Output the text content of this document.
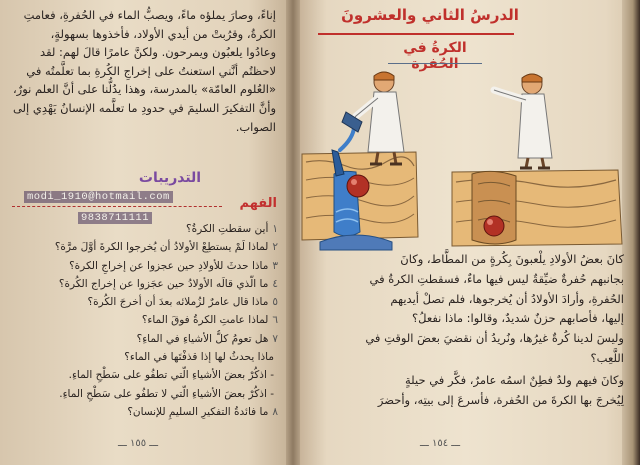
إناءً، وصارَ يملؤه ماءً، ويصبُّ الماء في الحُفرةِ، فعامتِ

الكرةُ، وقرُبتْ من أيدي الأولاد، فأخذوها بسهولةٍ،

وعادُوا يلعبُون ويمرحون. ولكنَّ عامرًا قالَ لهم: لقد

لاحظتُم أنَّني استعنتُ على إخراجِ الكُرةِ بما تعلَّمتُه في

«العُلوم العامّة» بالمدرسة، وهذا يدُلُّنا على أنَّ العلم نورٌ،

وأنَّ التفكيرَ السليمَ في حدودِ ما تعلَّمه الإنسانُ يَهْدِي إلى

الصواب.

التدريبات
modi_1910@hotmail.com
9838711111
الفهم
١أين سقطتِ الكرةُ؟
٢لماذا لَمْ يستطِعْ الأولادُ أن يُخرجوا الكرةَ أوَّلَ مرَّة؟
٣ماذا حدثَ للأولادِ حين عجزوا عن إخراجِ الكرة؟
٤ما الّذي قالَه الأولادُ حين عجَزوا عن إخراج الكُرة؟
٥ماذا قال عامرٌ لزُملائه بعدَ أن أخرجَ الكُرة؟
٦لماذا عامتِ الكرةُ فوقَ الماء؟
٧هل تعومُ كلُّ الأشياءِ في الماءِ؟
ماذا يحدثُ لها إذا قذفْتَها في الماء؟
- اذكُرْ بعضَ الأشياءِ الّتي تطفُو على سَطْحِ الماءِ.
- اذكُرْ بعضَ الأشياءِ الّتي لا تطفُو على سَطْحِ الماءِ.
٨ما فائدةُ التفكيرِ السليمِ للإنسان؟
ـــ ١٥٥ ـــ
الدرسُ الثاني والعشرونَ
الكرةُ في الحُفرة

كانَ بعضُ الأولادِ يلْعبونَ بِكُرةٍ من المطَّاط، وكانَ

بجانبهم حُفرةٌ ضيِّقةٌ ليس فيها ماءٌ، فسقطتِ الكرةُ في

الحُفرةِ، وأرادَ الأولادُ أن يُخرجوها، فلم تصلْ أيديهم

إليها، فأصابهم حزنٌ شديدٌ، وقالوا: ماذا نفعلُ؟

وليسَ لدينا كُرةٌ غيرُها، ونُريدُ أن نقضيَ بعضَ الوقتِ في

اللَّعِب؟

وكانَ فيهم ولدٌ فطِنٌ اسمُه عامرٌ، فكَّر في حيلةٍ

لِيُخرجَ بها الكرةَ من الحُفرة، فأسرعَ إلى بيتِه، وأحضرَ

ـــ ١٥٤ ـــ
